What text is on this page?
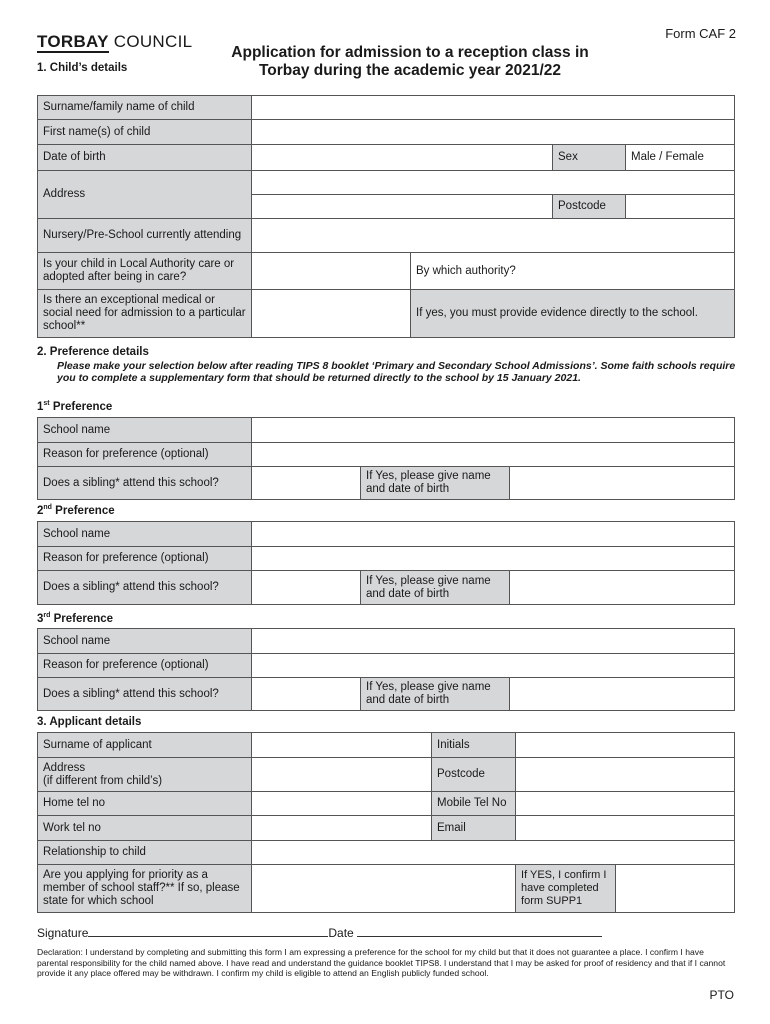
TORBAY COUNCIL	Form CAF 2
Application for admission to a reception class in
Torbay during the academic year 2021/22
1. Child’s details
Surname/family name of child				
First name(s) of child				
Date of birth			Sex	Male / Female
Address				
			Postcode	
Nursery/Pre-School currently attending				
Is your child in Local Authority care or adopted after being in care?		By which authority?		
Is there an exceptional medical or social need for admission to a particular school**		If yes, you must provide evidence directly to the school.		
2. Preference details
Please make your selection below after reading TIPS 8 booklet ‘Primary and Secondary School Admissions’. Some faith schools require you to complete a supplementary form that should be returned directly to the school by 15 January 2021.
1st Preference
School name			
Reason for preference (optional)			
Does a sibling* attend this school?		If Yes, please give name and date of birth	
2nd Preference
School name			
Reason for preference (optional)			
Does a sibling* attend this school?		If Yes, please give name and date of birth	
3rd Preference
School name			
Reason for preference (optional)			
Does a sibling* attend this school?		If Yes, please give name and date of birth	
3. Applicant details
Surname of applicant		Initials		
Address
(if different from child’s)		Postcode		
Home tel no		Mobile Tel No		
Work tel no		Email		
Relationship to child				
Are you applying for priority as a member of school staff?** If so, please state for which school			If YES, I confirm I have completed form SUPP1	
Signature	Date
Declaration: I understand by completing and submitting this form I am expressing a preference for the school for my child but that it does not guarantee a place. I confirm I have parental responsibility for the child named above. I have read and understand the guidance booklet TIPS8. I understand that I may be asked for proof of residency and that if I cannot provide it any place offered may be withdrawn. I confirm my child is eligible to attend an English publicly funded school.
PTO
